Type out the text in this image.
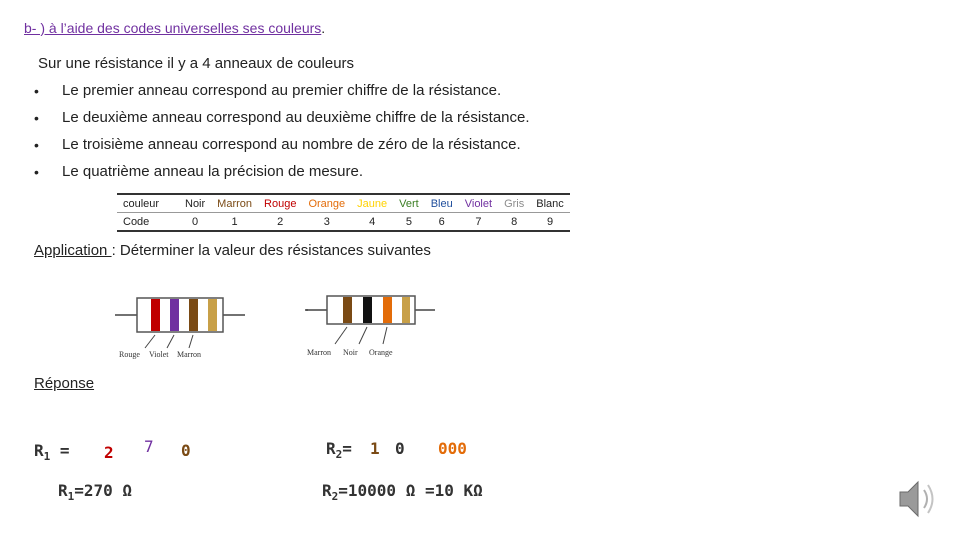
b- ) à l’aide des codes universelles ses couleurs.
Sur une résistance il y a 4 anneaux de couleurs
•	Le premier anneau correspond au premier chiffre de la résistance.
•	Le deuxième anneau correspond au deuxième chiffre de la résistance.
•	Le troisième anneau correspond au nombre de zéro de la résistance.
•	Le quatrième anneau la précision de mesure.
couleur	Noir	Marron	Rouge	Orange	Jaune	Vert	Bleu	Violet	Gris	Blanc
Code	0	1	2	3	4	5	6	7	8	9
Application : Déterminer la valeur des résistances suivantes
Rouge Violet Marron	Marron Noir Orange
Réponse
$R_1 = 2$ 7 0	$R_2= 1$ 0 000
$R_1=270$ Ω	$R_2=10000$ Ω =10 KΩ
